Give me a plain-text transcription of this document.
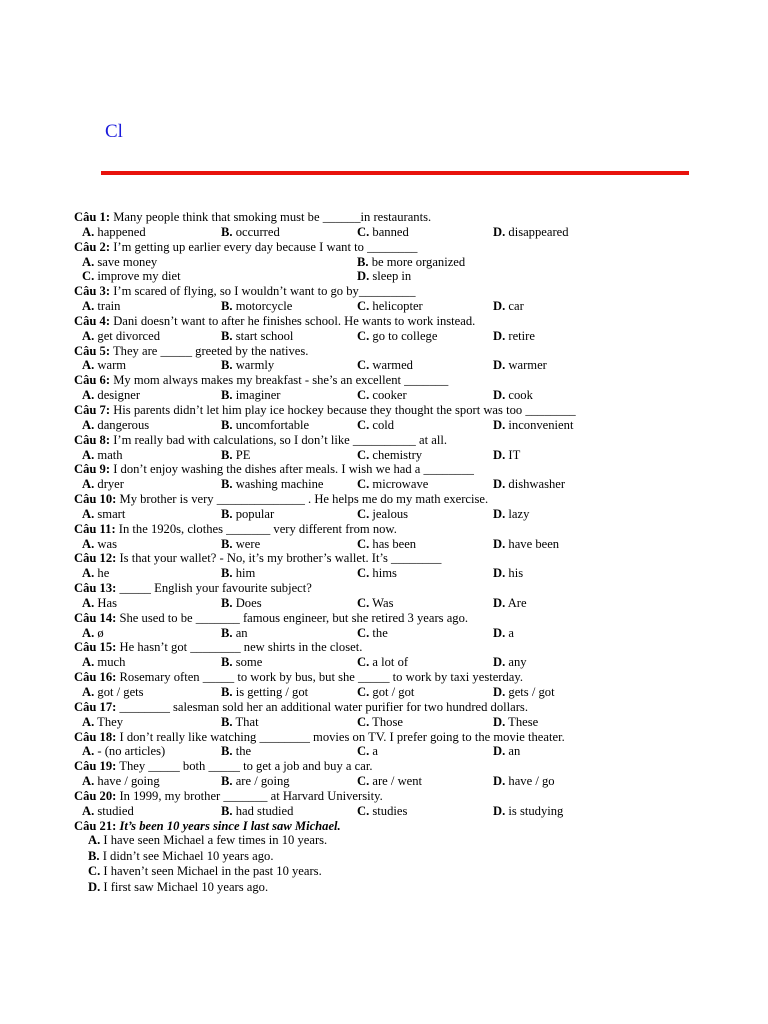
Cl
Câu 1: Many people think that smoking must be ______in restaurants.
A. happened	B. occurred	C. banned	D. disappeared
Câu 2: I’m getting up earlier every day because I want to ________
A. save money	B. be more organized
C. improve my diet	D. sleep in
Câu 3: I’m scared of flying, so I wouldn’t want to go by_________
A. train	B. motorcycle	C. helicopter	D. car
Câu 4: Dani doesn’t want to after he finishes school. He wants to work instead.
A. get divorced	B. start school	C. go to college	D. retire
Câu 5: They are _____ greeted by the natives.
A. warm	B. warmly	C. warmed	D. warmer
Câu 6: My mom always makes my breakfast - she’s an excellent _______
A. designer	B. imaginer	C. cooker	D. cook
Câu 7: His parents didn’t let him play ice hockey because they thought the sport was too ________
A. dangerous	B. uncomfortable	C. cold	D. inconvenient
Câu 8: I’m really bad with calculations, so I don’t like __________ at all.
A. math	B. PE	C. chemistry	D. IT
Câu 9: I don’t enjoy washing the dishes after meals. I wish we had a ________
A. dryer	B. washing machine	C. microwave	D. dishwasher
Câu 10: My brother is very ______________ . He helps me do my math exercise.
A. smart	B. popular	C. jealous	D. lazy
Câu 11: In the 1920s, clothes _______ very different from now.
A. was	B. were	C. has been	D. have been
Câu 12: Is that your wallet? - No, it’s my brother’s wallet. It’s ________
A. he	B. him	C. hims	D. his
Câu 13: _____ English your favourite subject?
A. Has	B. Does	C. Was	D. Are
Câu 14: She used to be _______ famous engineer, but she retired 3 years ago.
A. ø	B. an	C. the	D. a
Câu 15: He hasn’t got ________ new shirts in the closet.
A. much	B. some	C. a lot of	D. any
Câu 16: Rosemary often _____ to work by bus, but she _____ to work by taxi yesterday.
A. got / gets	B. is getting / got	C. got / got	D. gets / got
Câu 17: ________ salesman sold her an additional water purifier for two hundred dollars.
A. They	B. That	C. Those	D. These
Câu 18: I don’t really like watching ________ movies on TV. I prefer going to the movie theater.
A. - (no articles)	B. the	C. a	D. an
Câu 19: They _____ both _____ to get a job and buy a car.
A. have / going	B. are / going	C. are / went	D. have / go
Câu 20: In 1999, my brother _______ at Harvard University.
A. studied	B. had studied	C. studies	D. is studying
Câu 21: It’s been 10 years since I last saw Michael.
A. I have seen Michael a few times in 10 years.
B. I didn’t see Michael 10 years ago.
C. I haven’t seen Michael in the past 10 years.
D. I first saw Michael 10 years ago.
